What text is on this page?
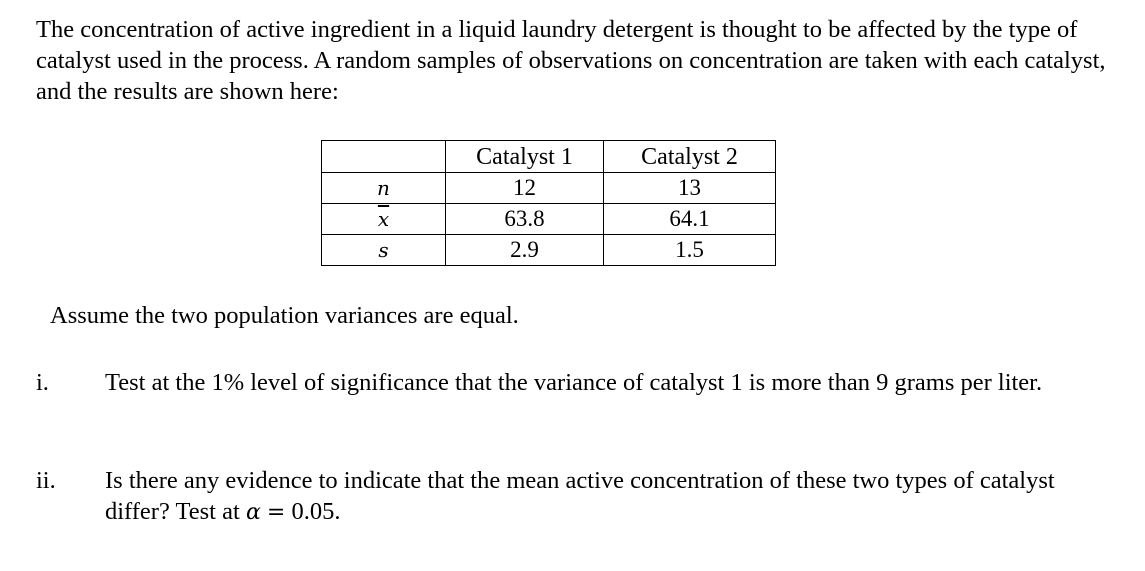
The concentration of active ingredient in a liquid laundry detergent is thought to be affected by the type of catalyst used in the process. A random samples of observations on concentration are taken with each catalyst, and the results are shown here:

	Catalyst 1	Catalyst 2
n	12	13
$\overline{x}$	63.8	64.1
s	2.9	1.5

Assume the two population variances are equal.

i. Test at the 1% level of significance that the variance of catalyst 1 is more than 9 grams per liter.
ii. Is there any evidence to indicate that the mean active concentration of these two types of catalyst differ? Test at α = 0.05.
